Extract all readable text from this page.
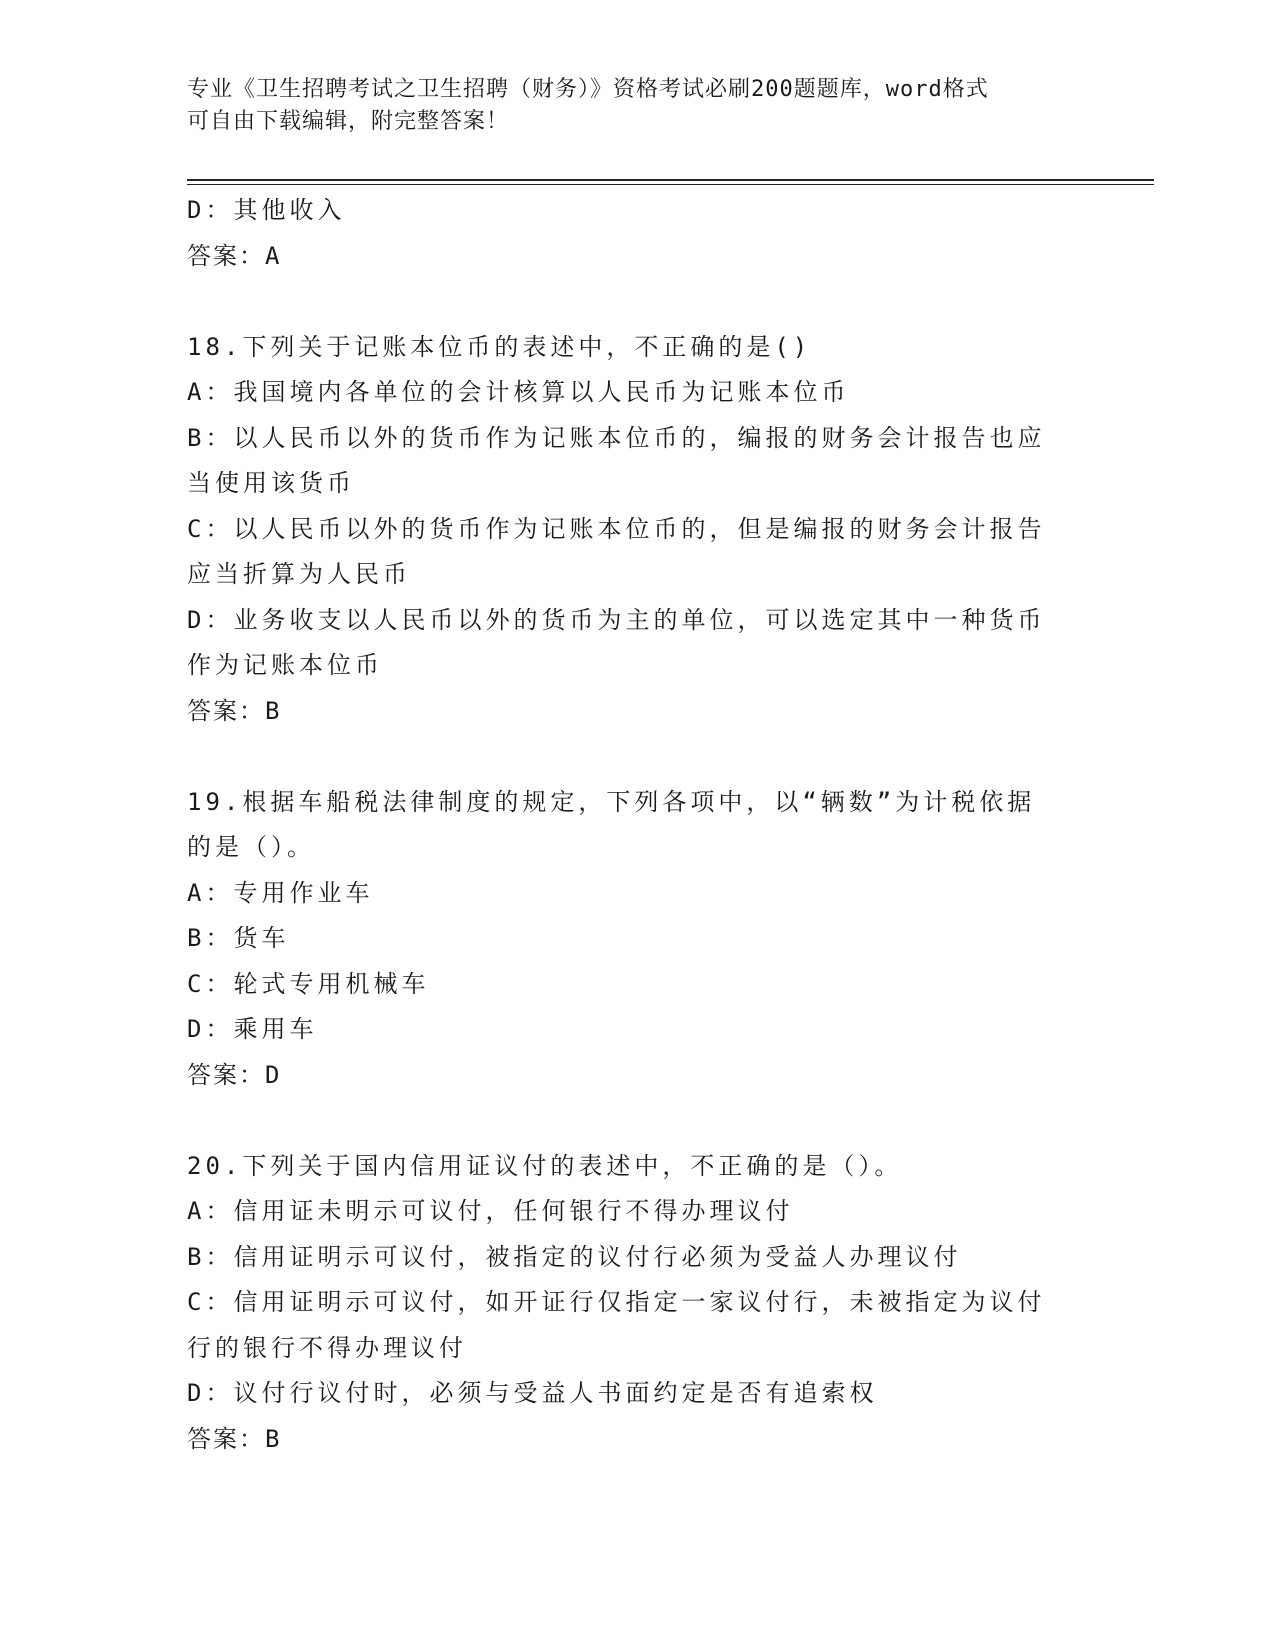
专业《卫生招聘考试之卫生招聘（财务）》资格考试必刷200题题库，word格式
可自由下载编辑，附完整答案！
D：其他收入
答案：A
18.下列关于记账本位币的表述中，不正确的是()
A：我国境内各单位的会计核算以人民币为记账本位币
B：以人民币以外的货币作为记账本位币的，编报的财务会计报告也应
当使用该货币
C：以人民币以外的货币作为记账本位币的，但是编报的财务会计报告
应当折算为人民币
D：业务收支以人民币以外的货币为主的单位，可以选定其中一种货币
作为记账本位币
答案：B
19.根据车船税法律制度的规定，下列各项中，以“辆数”为计税依据
的是（）。
A：专用作业车
B：货车
C：轮式专用机械车
D：乘用车
答案：D
20.下列关于国内信用证议付的表述中，不正确的是（）。
A：信用证未明示可议付，任何银行不得办理议付
B：信用证明示可议付，被指定的议付行必须为受益人办理议付
C：信用证明示可议付，如开证行仅指定一家议付行，未被指定为议付
行的银行不得办理议付
D：议付行议付时，必须与受益人书面约定是否有追索权
答案：B
